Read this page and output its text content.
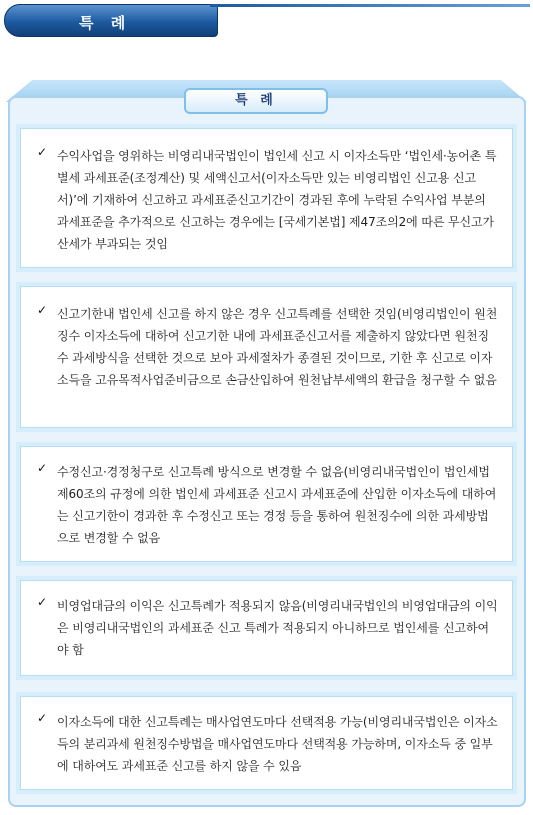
특 례
특 례
✓ 수익사업을 영위하는 비영리내국법인이 법인세 신고 시 이자소득만 ‘법인세·농어촌 특별세 과세표준(조정계산) 및 세액신고서(이자소득만 있는 비영리법인 신고용 신고서)’에 기재하여 신고하고 과세표준신고기간이 경과된 후에 누락된 수익사업 부분의 과세표준을 추가적으로 신고하는 경우에는 [국세기본법] 제47조의2에 따른 무신고가산세가 부과되는 것임
✓ 신고기한내 법인세 신고를 하지 않은 경우 신고특례를 선택한 것임(비영리법인이 원천징수 이자소득에 대하여 신고기한 내에 과세표준신고서를 제출하지 않았다면 원천징수 과세방식을 선택한 것으로 보아 과세절차가 종결된 것이므로, 기한 후 신고로 이자소득을 고유목적사업준비금으로 손금산입하여 원천납부세액의 환급을 청구할 수 없음
✓ 수정신고·경정청구로 신고특례 방식으로 변경할 수 없음(비영리내국법인이 법인세법 제60조의 규정에 의한 법인세 과세표준 신고시 과세표준에 산입한 이자소득에 대하여는 신고기한이 경과한 후 수정신고 또는 경정 등을 통하여 원천징수에 의한 과세방법으로 변경할 수 없음
✓ 비영업대금의 이익은 신고특례가 적용되지 않음(비영리내국법인의 비영업대금의 이익은 비영리내국법인의 과세표준 신고 특례가 적용되지 아니하므로 법인세를 신고하여야 함
✓ 이자소득에 대한 신고특례는 매사업연도마다 선택적용 가능(비영리내국법인은 이자소득의 분리과세 원천징수방법을 매사업연도마다 선택적용 가능하며, 이자소득 중 일부에 대하여도 과세표준 신고를 하지 않을 수 있음
